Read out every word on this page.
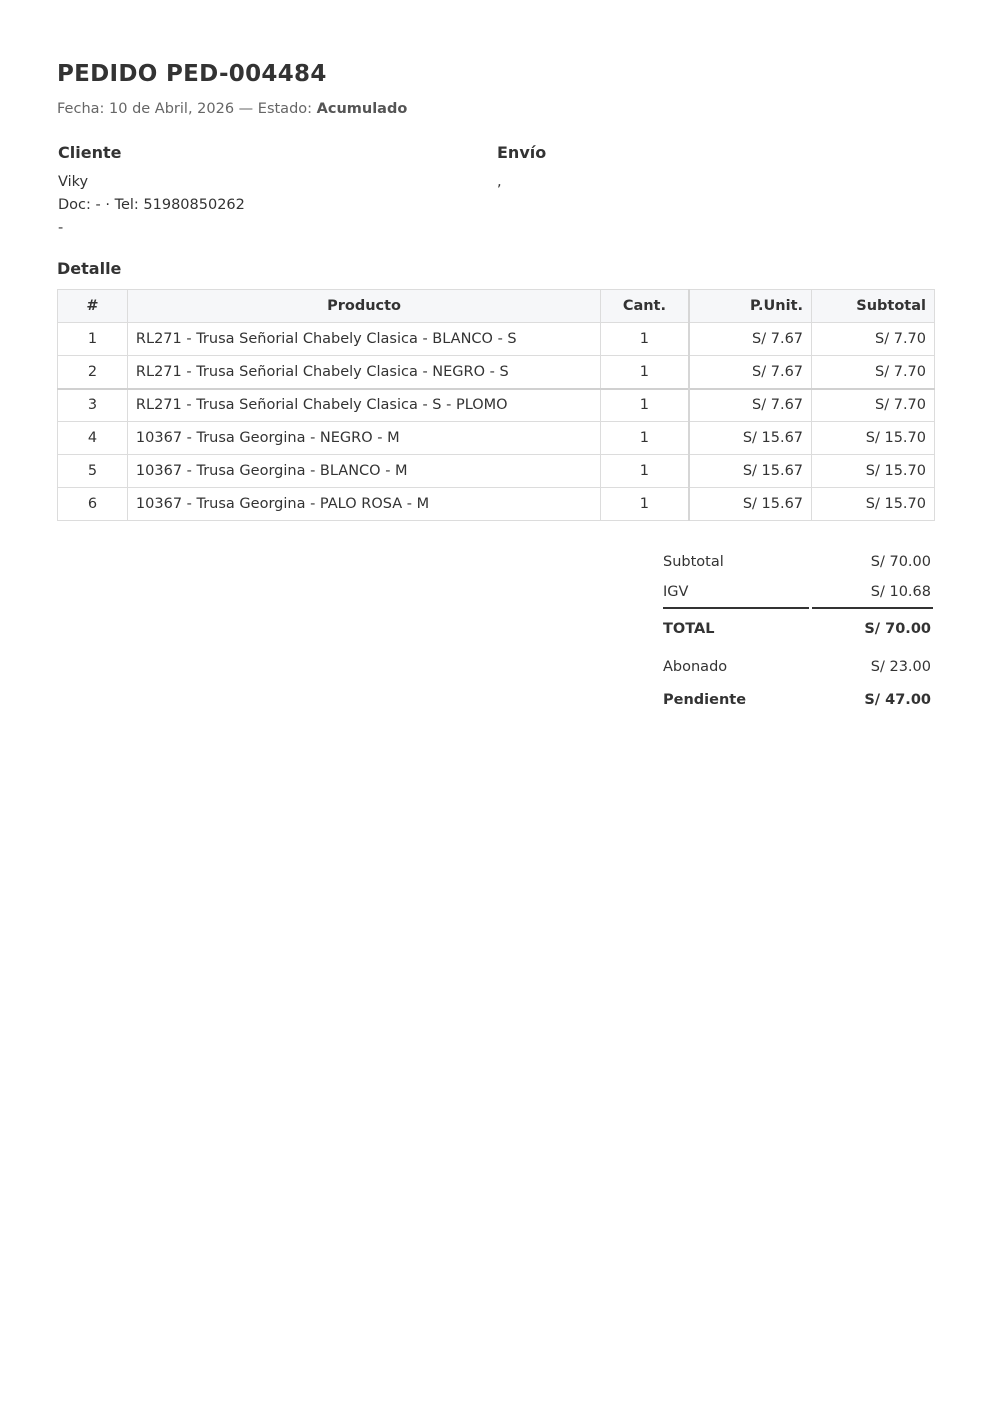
PEDIDO PED-004484
Fecha: 10 de Abril, 2026 — Estado: Acumulado
Cliente
Viky
Doc: - · Tel: 51980850262
-
Envío
,
Detalle
#	Producto	Cant.	P.Unit.	Subtotal
1	RL271 - Trusa Señorial Chabely Clasica - BLANCO - S	1	S/ 7.67	S/ 7.70
2	RL271 - Trusa Señorial Chabely Clasica - NEGRO - S	1	S/ 7.67	S/ 7.70
3	RL271 - Trusa Señorial Chabely Clasica - S - PLOMO	1	S/ 7.67	S/ 7.70
4	10367 - Trusa Georgina - NEGRO - M	1	S/ 15.67	S/ 15.70
5	10367 - Trusa Georgina - BLANCO - M	1	S/ 15.67	S/ 15.70
6	10367 - Trusa Georgina - PALO ROSA - M	1	S/ 15.67	S/ 15.70
Subtotal	S/ 70.00
IGV	S/ 10.68
TOTAL	S/ 70.00
Abonado	S/ 23.00
Pendiente	S/ 47.00
